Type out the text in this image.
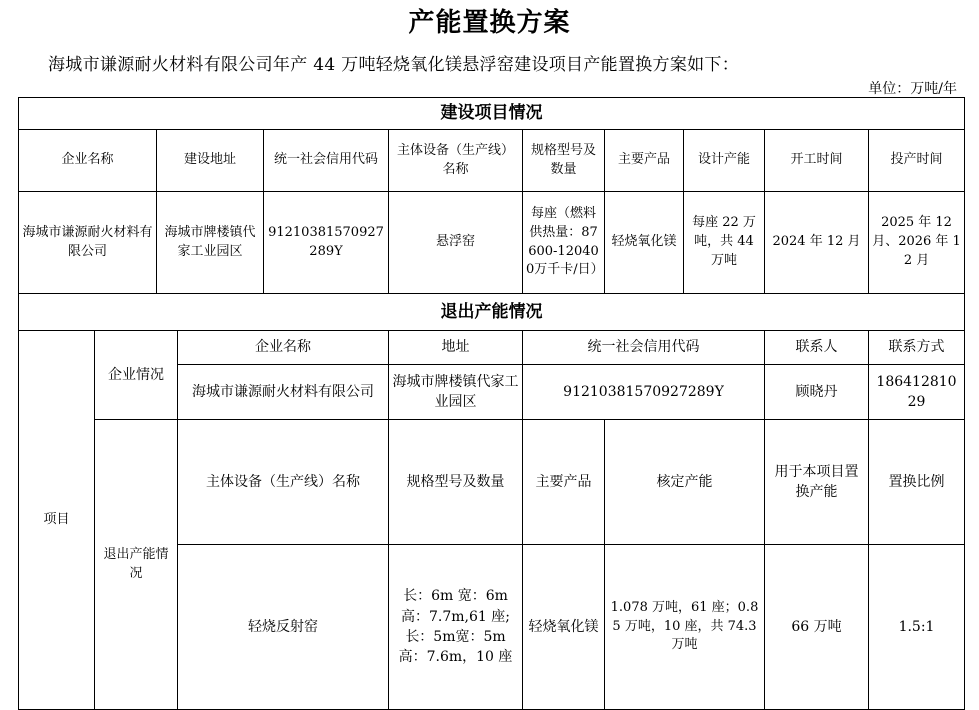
产能置换方案
海城市谦源耐火材料有限公司年产 44 万吨轻烧氧化镁悬浮窑建设项目产能置换方案如下：
单位：万吨/年
建设项目情况											
企业名称		建设地址		统一社会信用代码	主体设备（生产线）名称	规格型号及数量	主要产品	设计产能	开工时间	投产时间	
海城市谦源耐火材料有限公司		海城市牌楼镇代家工业园区		91210381570927289Y	悬浮窑	每座（燃料供热量：87600-120400万千卡/日）	轻烧氧化镁	每座 22 万吨，共 44 万吨	2024 年 12 月	2025 年 12 月、2026 年 12 月	
退出产能情况											
项目	企业情况		企业名称		地址	统一社会信用代码			联系人	联系方式	
			海城市谦源耐火材料有限公司		海城市牌楼镇代家工业园区	91210381570927289Y			顾晓丹	18641281029	
	退出产能情况		主体设备（生产线）名称		规格型号及数量	主要产品	核定产能		用于本项目置换产能	置换比例	
			轻烧反射窑		长：6m 宽：6m 高：7.7m,61 座;长：5m宽：5m 高：7.6m，10 座	轻烧氧化镁	1.078 万吨，61 座；0.85 万吨，10 座，共 74.3万吨		66 万吨	1.5:1	
